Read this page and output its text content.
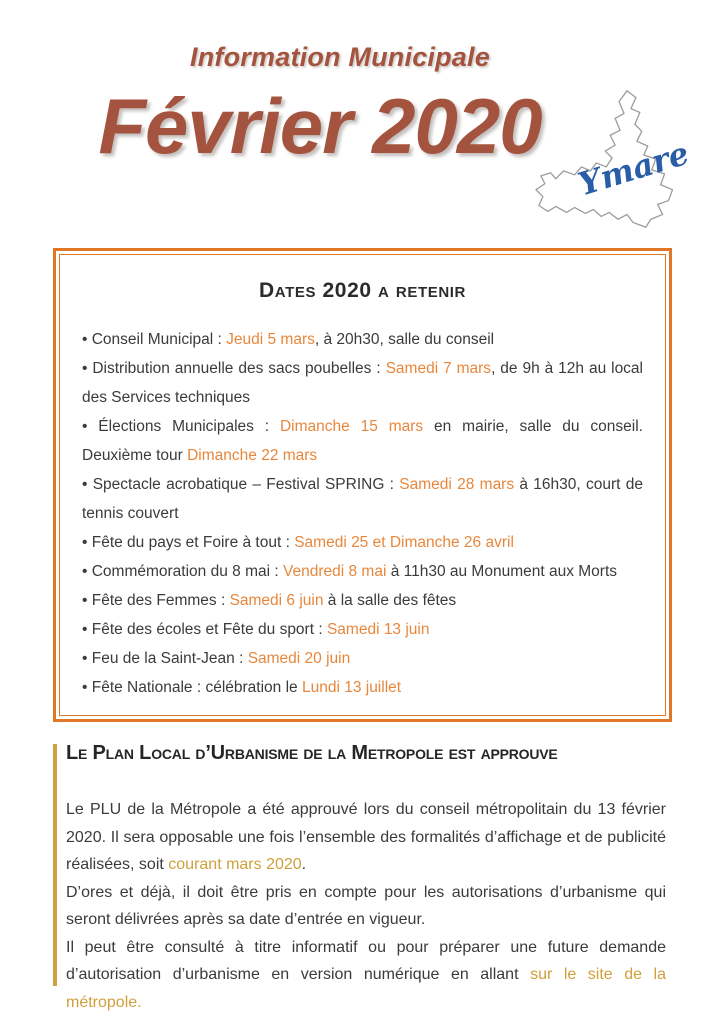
Information Municipale
Février 2020	Ymare
Dates 2020 a retenir
• Conseil Municipal : Jeudi 5 mars, à 20h30, salle du conseil
• Distribution annuelle des sacs poubelles : Samedi 7 mars, de 9h à 12h au local des Services techniques
• Élections Municipales : Dimanche 15 mars en mairie, salle du conseil. Deuxième tour Dimanche 22 mars
• Spectacle acrobatique – Festival SPRING : Samedi 28 mars à 16h30, court de tennis couvert
• Fête du pays et Foire à tout : Samedi 25 et Dimanche 26 avril
• Commémoration du 8 mai : Vendredi 8 mai à 11h30 au Monument aux Morts
• Fête des Femmes : Samedi 6 juin à la salle des fêtes
• Fête des écoles et Fête du sport : Samedi 13 juin
• Feu de la Saint-Jean : Samedi 20 juin
• Fête Nationale : célébration le Lundi 13 juillet
Le Plan Local d’Urbanisme de la Metropole est approuve

Le PLU de la Métropole a été approuvé lors du conseil métropolitain du 13 février 2020. Il sera opposable une fois l’ensemble des formalités d’affichage et de publicité réalisées, soit courant mars 2020.

D’ores et déjà, il doit être pris en compte pour les autorisations d’urbanisme qui seront délivrées après sa date d’entrée en vigueur.

Il peut être consulté à titre informatif ou pour préparer une future demande d’autorisation d’urbanisme en version numérique en allant sur le site de la métropole.
